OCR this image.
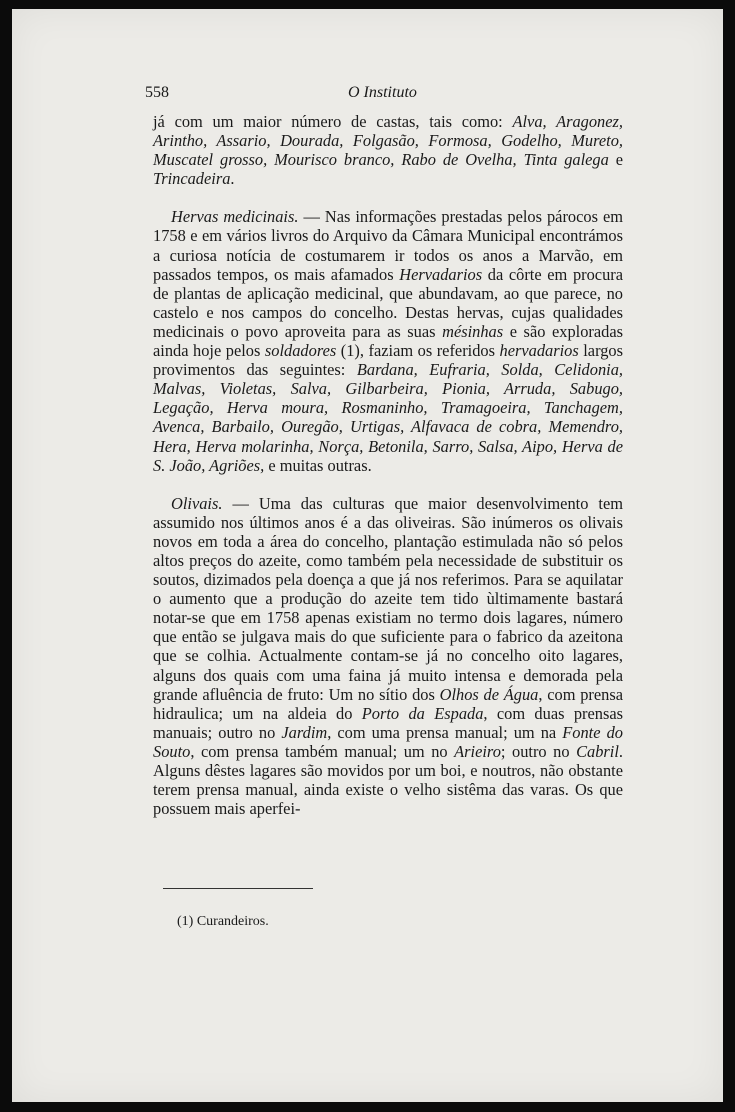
558	O Instituto

já com um maior número de castas, tais como: Alva, Aragonez, Arintho, Assario, Dourada, Folgasão, Formosa, Godelho, Mureto, Muscatel grosso, Mourisco branco, Rabo de Ovelha, Tinta galega e Trincadeira.

Hervas medicinais. — Nas informações prestadas pelos párocos em 1758 e em vários livros do Arquivo da Câmara Municipal encontrámos a curiosa notícia de costumarem ir todos os anos a Marvão, em passados tempos, os mais afamados Hervadarios da côrte em procura de plantas de aplicação medicinal, que abundavam, ao que parece, no castelo e nos campos do concelho. Destas hervas, cujas qualidades medicinais o povo aproveita para as suas mésinhas e são exploradas ainda hoje pelos soldadores (1), faziam os referidos hervadarios largos provimentos das seguintes: Bardana, Eufraria, Solda, Celidonia, Malvas, Violetas, Salva, Gilbarbeira, Pionia, Arruda, Sabugo, Legação, Herva moura, Rosmaninho, Tramagoeira, Tanchagem, Avenca, Barbailo, Ouregão, Urtigas, Alfavaca de cobra, Memendro, Hera, Herva molarinha, Norça, Betonila, Sarro, Salsa, Aipo, Herva de S. João, Agriões, e muitas outras.

Olivais. — Uma das culturas que maior desenvolvimento tem assumido nos últimos anos é a das oliveiras. São inúmeros os olivais novos em toda a área do concelho, plantação estimulada não só pelos altos preços do azeite, como também pela necessidade de substituir os soutos, dizimados pela doença a que já nos referimos. Para se aquilatar o aumento que a produção do azeite tem tido ùltimamente bastará notar-se que em 1758 apenas existiam no termo dois lagares, número que então se julgava mais do que suficiente para o fabrico da azeitona que se colhia. Actualmente contam-se já no concelho oito lagares, alguns dos quais com uma faina já muito intensa e demorada pela grande afluência de fruto: Um no sítio dos Olhos de Água, com prensa hidraulica; um na aldeia do Porto da Espada, com duas prensas manuais; outro no Jardim, com uma prensa manual; um na Fonte do Souto, com prensa também manual; um no Arieiro; outro no Cabril. Alguns dêstes lagares são movidos por um boi, e noutros, não obstante terem prensa manual, ainda existe o velho sistêma das varas. Os que possuem mais aperfei-

(1) Curandeiros.
